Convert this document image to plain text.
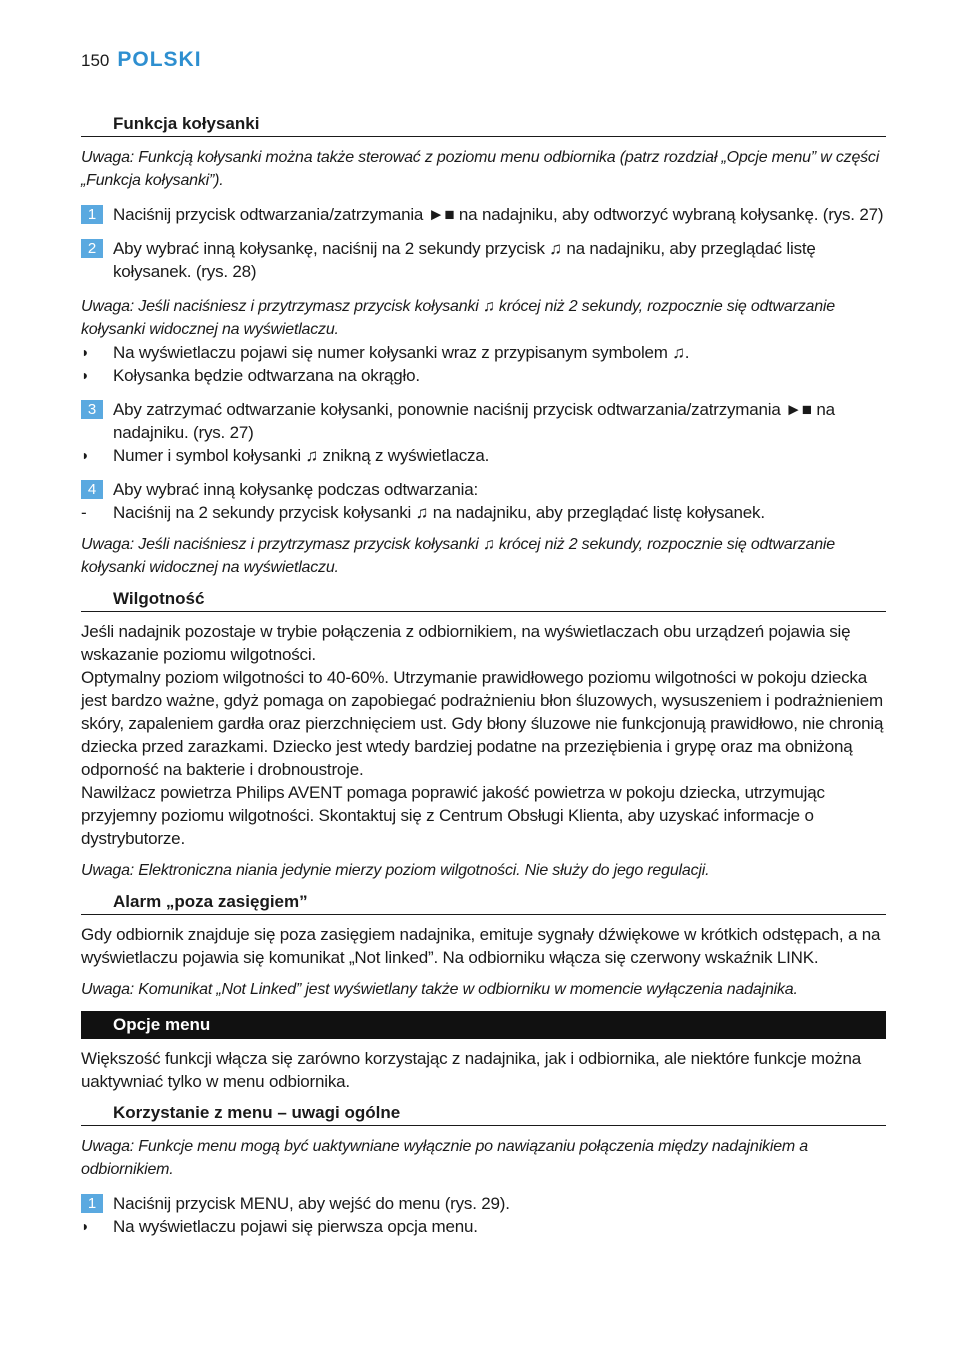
150 POLSKI
Funkcja kołysanki
Uwaga: Funkcją kołysanki można także sterować z poziomu menu odbiornika (patrz rozdział „Opcje menu” w części „Funkcja kołysanki”).
1 Naciśnij przycisk odtwarzania/zatrzymania ►■ na nadajniku, aby odtworzyć wybraną kołysankę. (rys. 27)
2 Aby wybrać inną kołysankę, naciśnij na 2 sekundy przycisk ♫ na nadajniku, aby przeglądać listę kołysanek. (rys. 28)
Uwaga: Jeśli naciśniesz i przytrzymasz przycisk kołysanki ♫ krócej niż 2 sekundy, rozpocznie się odtwarzanie kołysanki widocznej na wyświetlaczu.
◗	Na wyświetlaczu pojawi się numer kołysanki wraz z przypisanym symbolem ♫.
◗	Kołysanka będzie odtwarzana na okrągło.
3 Aby zatrzymać odtwarzanie kołysanki, ponownie naciśnij przycisk odtwarzania/zatrzymania ►■ na nadajniku. (rys. 27)
◗	Numer i symbol kołysanki ♫ znikną z wyświetlacza.
4 Aby wybrać inną kołysankę podczas odtwarzania:
-	Naciśnij na 2 sekundy przycisk kołysanki ♫ na nadajniku, aby przeglądać listę kołysanek.
Uwaga: Jeśli naciśniesz i przytrzymasz przycisk kołysanki ♫ krócej niż 2 sekundy, rozpocznie się odtwarzanie kołysanki widocznej na wyświetlaczu.
Wilgotność
Jeśli nadajnik pozostaje w trybie połączenia z odbiornikiem, na wyświetlaczach obu urządzeń pojawia się wskazanie poziomu wilgotności.
Optymalny poziom wilgotności to 40-60%. Utrzymanie prawidłowego poziomu wilgotności w pokoju dziecka jest bardzo ważne, gdyż pomaga on zapobiegać podrażnieniu błon śluzowych, wysuszeniem i podrażnieniem skóry, zapaleniem gardła oraz pierzchnięciem ust. Gdy błony śluzowe nie funkcjonują prawidłowo, nie chronią dziecka przed zarazkami. Dziecko jest wtedy bardziej podatne na przeziębienia i grypę oraz ma obniżoną odporność na bakterie i drobnoustroje.
Nawilżacz powietrza Philips AVENT pomaga poprawić jakość powietrza w pokoju dziecka, utrzymując przyjemny poziomu wilgotności. Skontaktuj się z Centrum Obsługi Klienta, aby uzyskać informacje o dystrybutorze.
Uwaga: Elektroniczna niania jedynie mierzy poziom wilgotności. Nie służy do jego regulacji.
Alarm „poza zasięgiem”
Gdy odbiornik znajduje się poza zasięgiem nadajnika, emituje sygnały dźwiękowe w krótkich odstępach, a na wyświetlaczu pojawia się komunikat „Not linked”. Na odbiorniku włącza się czerwony wskaźnik LINK.
Uwaga: Komunikat „Not Linked” jest wyświetlany także w odbiorniku w momencie wyłączenia nadajnika.
Opcje menu
Większość funkcji włącza się zarówno korzystając z nadajnika, jak i odbiornika, ale niektóre funkcje można uaktywniać tylko w menu odbiornika.
Korzystanie z menu – uwagi ogólne
Uwaga: Funkcje menu mogą być uaktywniane wyłącznie po nawiązaniu połączenia między nadajnikiem a odbiornikiem.
1 Naciśnij przycisk MENU, aby wejść do menu (rys. 29).
◗	Na wyświetlaczu pojawi się pierwsza opcja menu.
